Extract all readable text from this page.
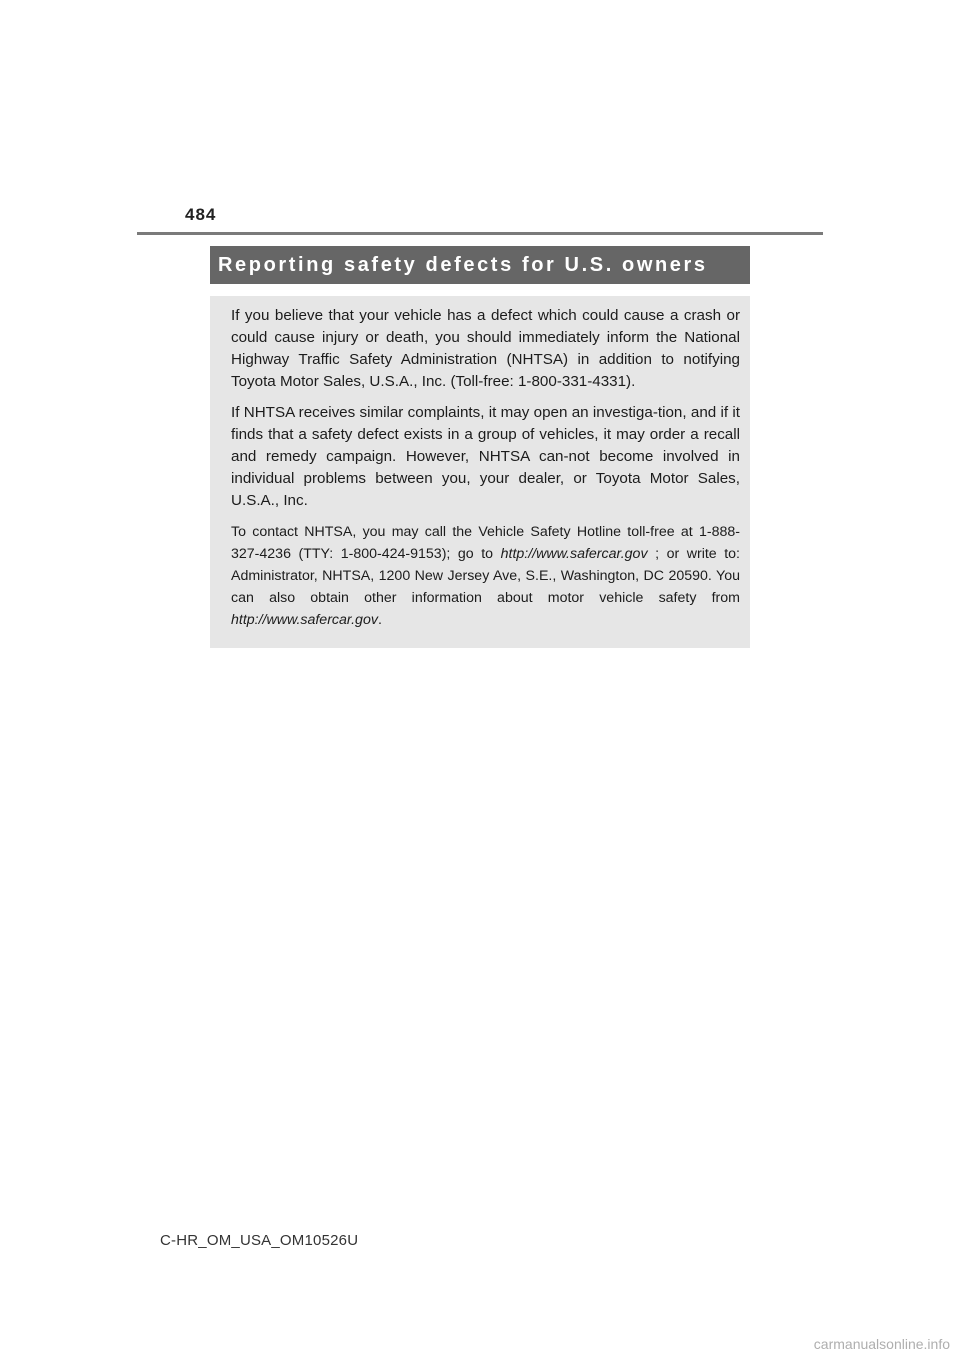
484
Reporting safety defects for U.S. owners

If you believe that your vehicle has a defect which could cause a crash or could cause injury or death, you should immediately inform the National Highway Traffic Safety Administration (NHTSA) in addition to notifying Toyota Motor Sales, U.S.A., Inc. (Toll-free: 1-800-331-4331).

If NHTSA receives similar complaints, it may open an investiga-tion, and if it finds that a safety defect exists in a group of vehicles, it may order a recall and remedy campaign. However, NHTSA can-not become involved in individual problems between you, your dealer, or Toyota Motor Sales, U.S.A., Inc.

To contact NHTSA, you may call the Vehicle Safety Hotline toll-free at 1-888-327-4236 (TTY: 1-800-424-9153); go to http://www.safercar.gov ; or write to: Administrator, NHTSA, 1200 New Jersey Ave, S.E., Washington, DC 20590. You can also obtain other information about motor vehicle safety from http://www.safercar.gov.

C-HR_OM_USA_OM10526U
carmanualsonline.info
